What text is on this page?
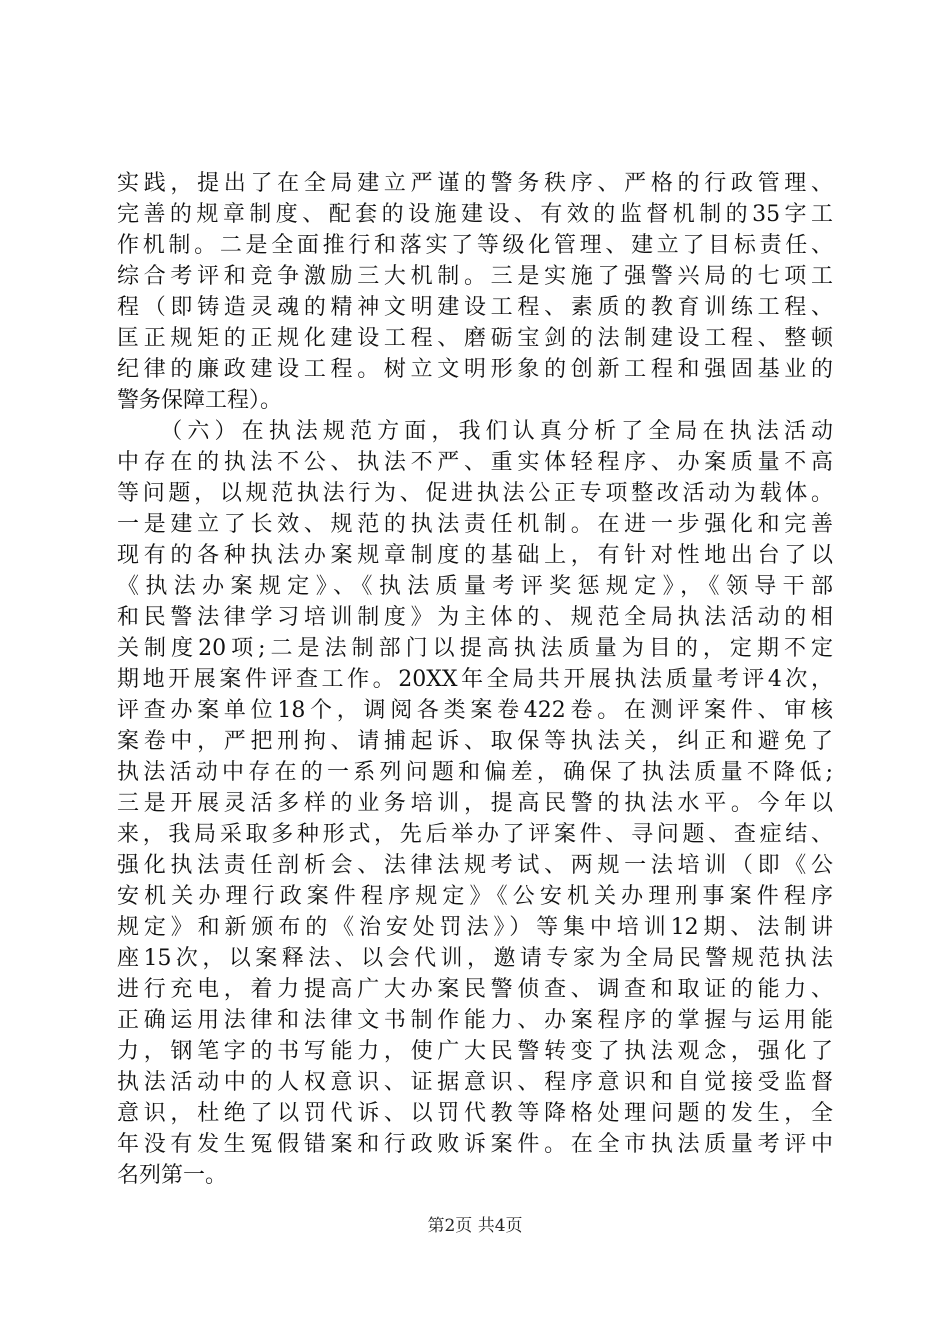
实践，提出了在全局建立严谨的警务秩序、严格的行政管理、
完善的规章制度、配套的设施建设、有效的监督机制的35字工
作机制。二是全面推行和落实了等级化管理、建立了目标责任、
综合考评和竞争激励三大机制。三是实施了强警兴局的七项工
程（即铸造灵魂的精神文明建设工程、素质的教育训练工程、
匡正规矩的正规化建设工程、磨砺宝剑的法制建设工程、整顿
纪律的廉政建设工程。树立文明形象的创新工程和强固基业的
警务保障工程）。
　　（六）在执法规范方面，我们认真分析了全局在执法活动
中存在的执法不公、执法不严、重实体轻程序、办案质量不高
等问题，以规范执法行为、促进执法公正专项整改活动为载体。
一是建立了长效、规范的执法责任机制。在进一步强化和完善
现有的各种执法办案规章制度的基础上，有针对性地出台了以
《执法办案规定》、《执法质量考评奖惩规定》，《领导干部
和民警法律学习培训制度》为主体的、规范全局执法活动的相
关制度20项;二是法制部门以提高执法质量为目的，定期不定
期地开展案件评查工作。20XX年全局共开展执法质量考评4次，
评查办案单位18个，调阅各类案卷422卷。在测评案件、审核
案卷中，严把刑拘、请捕起诉、取保等执法关，纠正和避免了
执法活动中存在的一系列问题和偏差，确保了执法质量不降低;
三是开展灵活多样的业务培训，提高民警的执法水平。今年以
来，我局采取多种形式，先后举办了评案件、寻问题、查症结、
强化执法责任剖析会、法律法规考试、两规一法培训（即《公
安机关办理行政案件程序规定》《公安机关办理刑事案件程序
规定》和新颁布的《治安处罚法》）等集中培训12期、法制讲
座15次，以案释法、以会代训，邀请专家为全局民警规范执法
进行充电，着力提高广大办案民警侦查、调查和取证的能力、
正确运用法律和法律文书制作能力、办案程序的掌握与运用能
力，钢笔字的书写能力，使广大民警转变了执法观念，强化了
执法活动中的人权意识、证据意识、程序意识和自觉接受监督
意识，杜绝了以罚代诉、以罚代教等降格处理问题的发生，全
年没有发生冤假错案和行政败诉案件。在全市执法质量考评中
名列第一。
第2页 共4页
